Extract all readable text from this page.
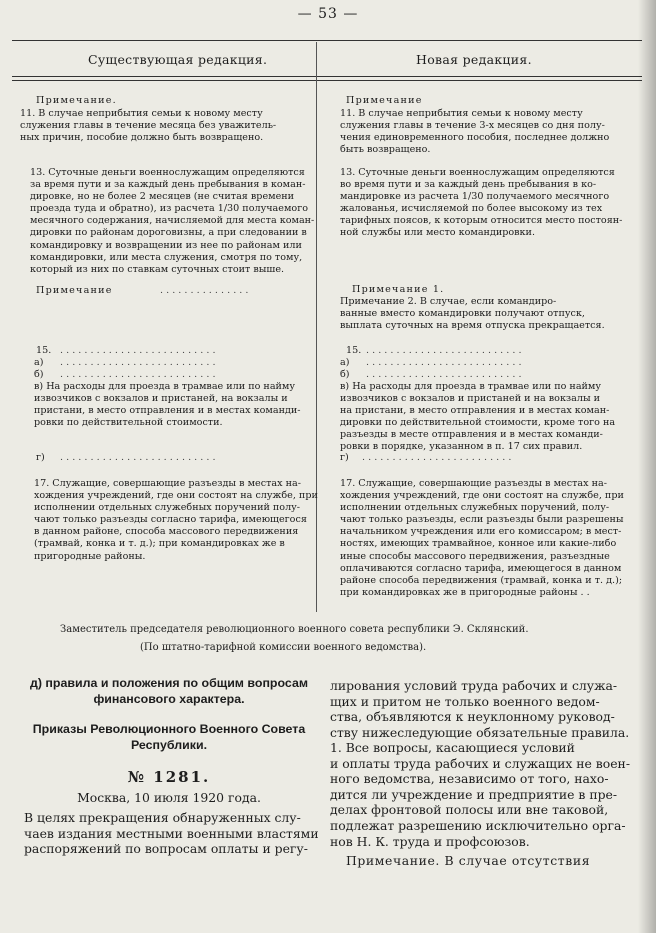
— 53 —
Существующая редакция.	Новая редакция.
Примечание.
11. В случае неприбытия семьи к новому месту
служения главы в течение месяца без уважитель-
ных причин, пособие должно быть возвращено.
13. Суточные деньги военнослужащим определяются
за время пути и за каждый день пребывания в коман-
дировке, но не более 2 месяцев (не считая времени
проезда туда и обратно), из расчета 1/30 получаемого
месячного содержания, начисляемой для места коман-
дировки по районам дороговизны, а при следовании в
командировку и возвращении из нее по районам или
командировки, или места служения, смотря по тому,
который из них по ставкам суточных стоит выше.
Примечание	. . . . . . . . . . . . . . .
15. . . . . . . . . . . . . . . . . . . . . . . . . . .
а) . . . . . . . . . . . . . . . . . . . . . . . . . .
б) . . . . . . . . . . . . . . . . . . . . . . . . . .
в) На расходы для проезда в трамвае или по найму
извозчиков с вокзалов и пристаней, на вокзалы и
пристани, в место отправления и в местах команди-
ровки по действительной стоимости.
г) . . . . . . . . . . . . . . . . . . . . . . . . . .
17. Служащие, совершающие разъезды в местах на-
хождения учреждений, где они состоят на службе, при
исполнении отдельных служебных поручений полу-
чают только разъезды согласно тарифа, имеющегося
в данном районе, способа массового передвижения
(трамвай, конка и т. д.); при командировках же в
пригородные районы.
Примечание
11. В случае неприбытия семьи к новому месту
служения главы в течение 3-х месяцев со дня полу-
чения единовременного пособия, последнее должно
быть возвращено.
13. Суточные деньги военнослужащим определяются
во время пути и за каждый день пребывания в ко-
мандировке из расчета 1/30 получаемого месячного
жалованья, исчисляемой по более высокому из тех
тарифных поясов, к которым относится место постоян-
ной службы или место командировки.
Примечание 1.
Примечание 2. В случае, если командиро-
ванные вместо командировки получают отпуск,
выплата суточных на время отпуска прекращается.
15. . . . . . . . . . . . . . . . . . . . . . . . . . .
а) . . . . . . . . . . . . . . . . . . . . . . . . . .
б) . . . . . . . . . . . . . . . . . . . . . . . . . .
в) На расходы для проезда в трамвае или по найму
извозчиков с вокзалов и пристаней и на вокзалы и
на пристани, в место отправления и в местах коман-
дировки по действительной стоимости, кроме того на
разъезды в месте отправления и в местах команди-
ровки в порядке, указанном в п. 17 сих правил.
г) . . . . . . . . . . . . . . . . . . . . . . . . .
17. Служащие, совершающие разъезды в местах на-
хождения учреждений, где они состоят на службе, при
исполнении отдельных служебных поручений, полу-
чают только разъезды, если разъезды были разрешены
начальником учреждения или его комиссаром; в мест-
ностях, имеющих трамвайное, конное или какие-либо
иные способы массового передвижения, разъездные
оплачиваются согласно тарифа, имеющегося в данном
районе способа передвижения (трамвай, конка и т. д.);
при командировках же в пригородные районы . .
Заместитель председателя революционного военного совета республики Э. Склянский.
(По штатно-тарифной комиссии военного ведомства).
д) правила и положения по общим вопросам
финансового характера.
Приказы Революционного Военного Совета
Республики.
№ 1281.
Москва, 10 июля 1920 года.
В целях прекращения обнаруженных слу-
чаев издания местными военными властями
распоряжений по вопросам оплаты и регу-
лирования условий труда рабочих и служа-
щих и притом не только военного ведом-
ства, объявляются к неуклонному руковод-
ству нижеследующие обязательные правила.
1. Все вопросы, касающиеся условий
и оплаты труда рабочих и служащих не воен-
ного ведомства, независимо от того, нахо-
дится ли учреждение и предприятие в пре-
делах фронтовой полосы или вне таковой,
подлежат разрешению исключительно орга-
нов Н. К. труда и профсоюзов.
Примечание. В случае отсутствия
